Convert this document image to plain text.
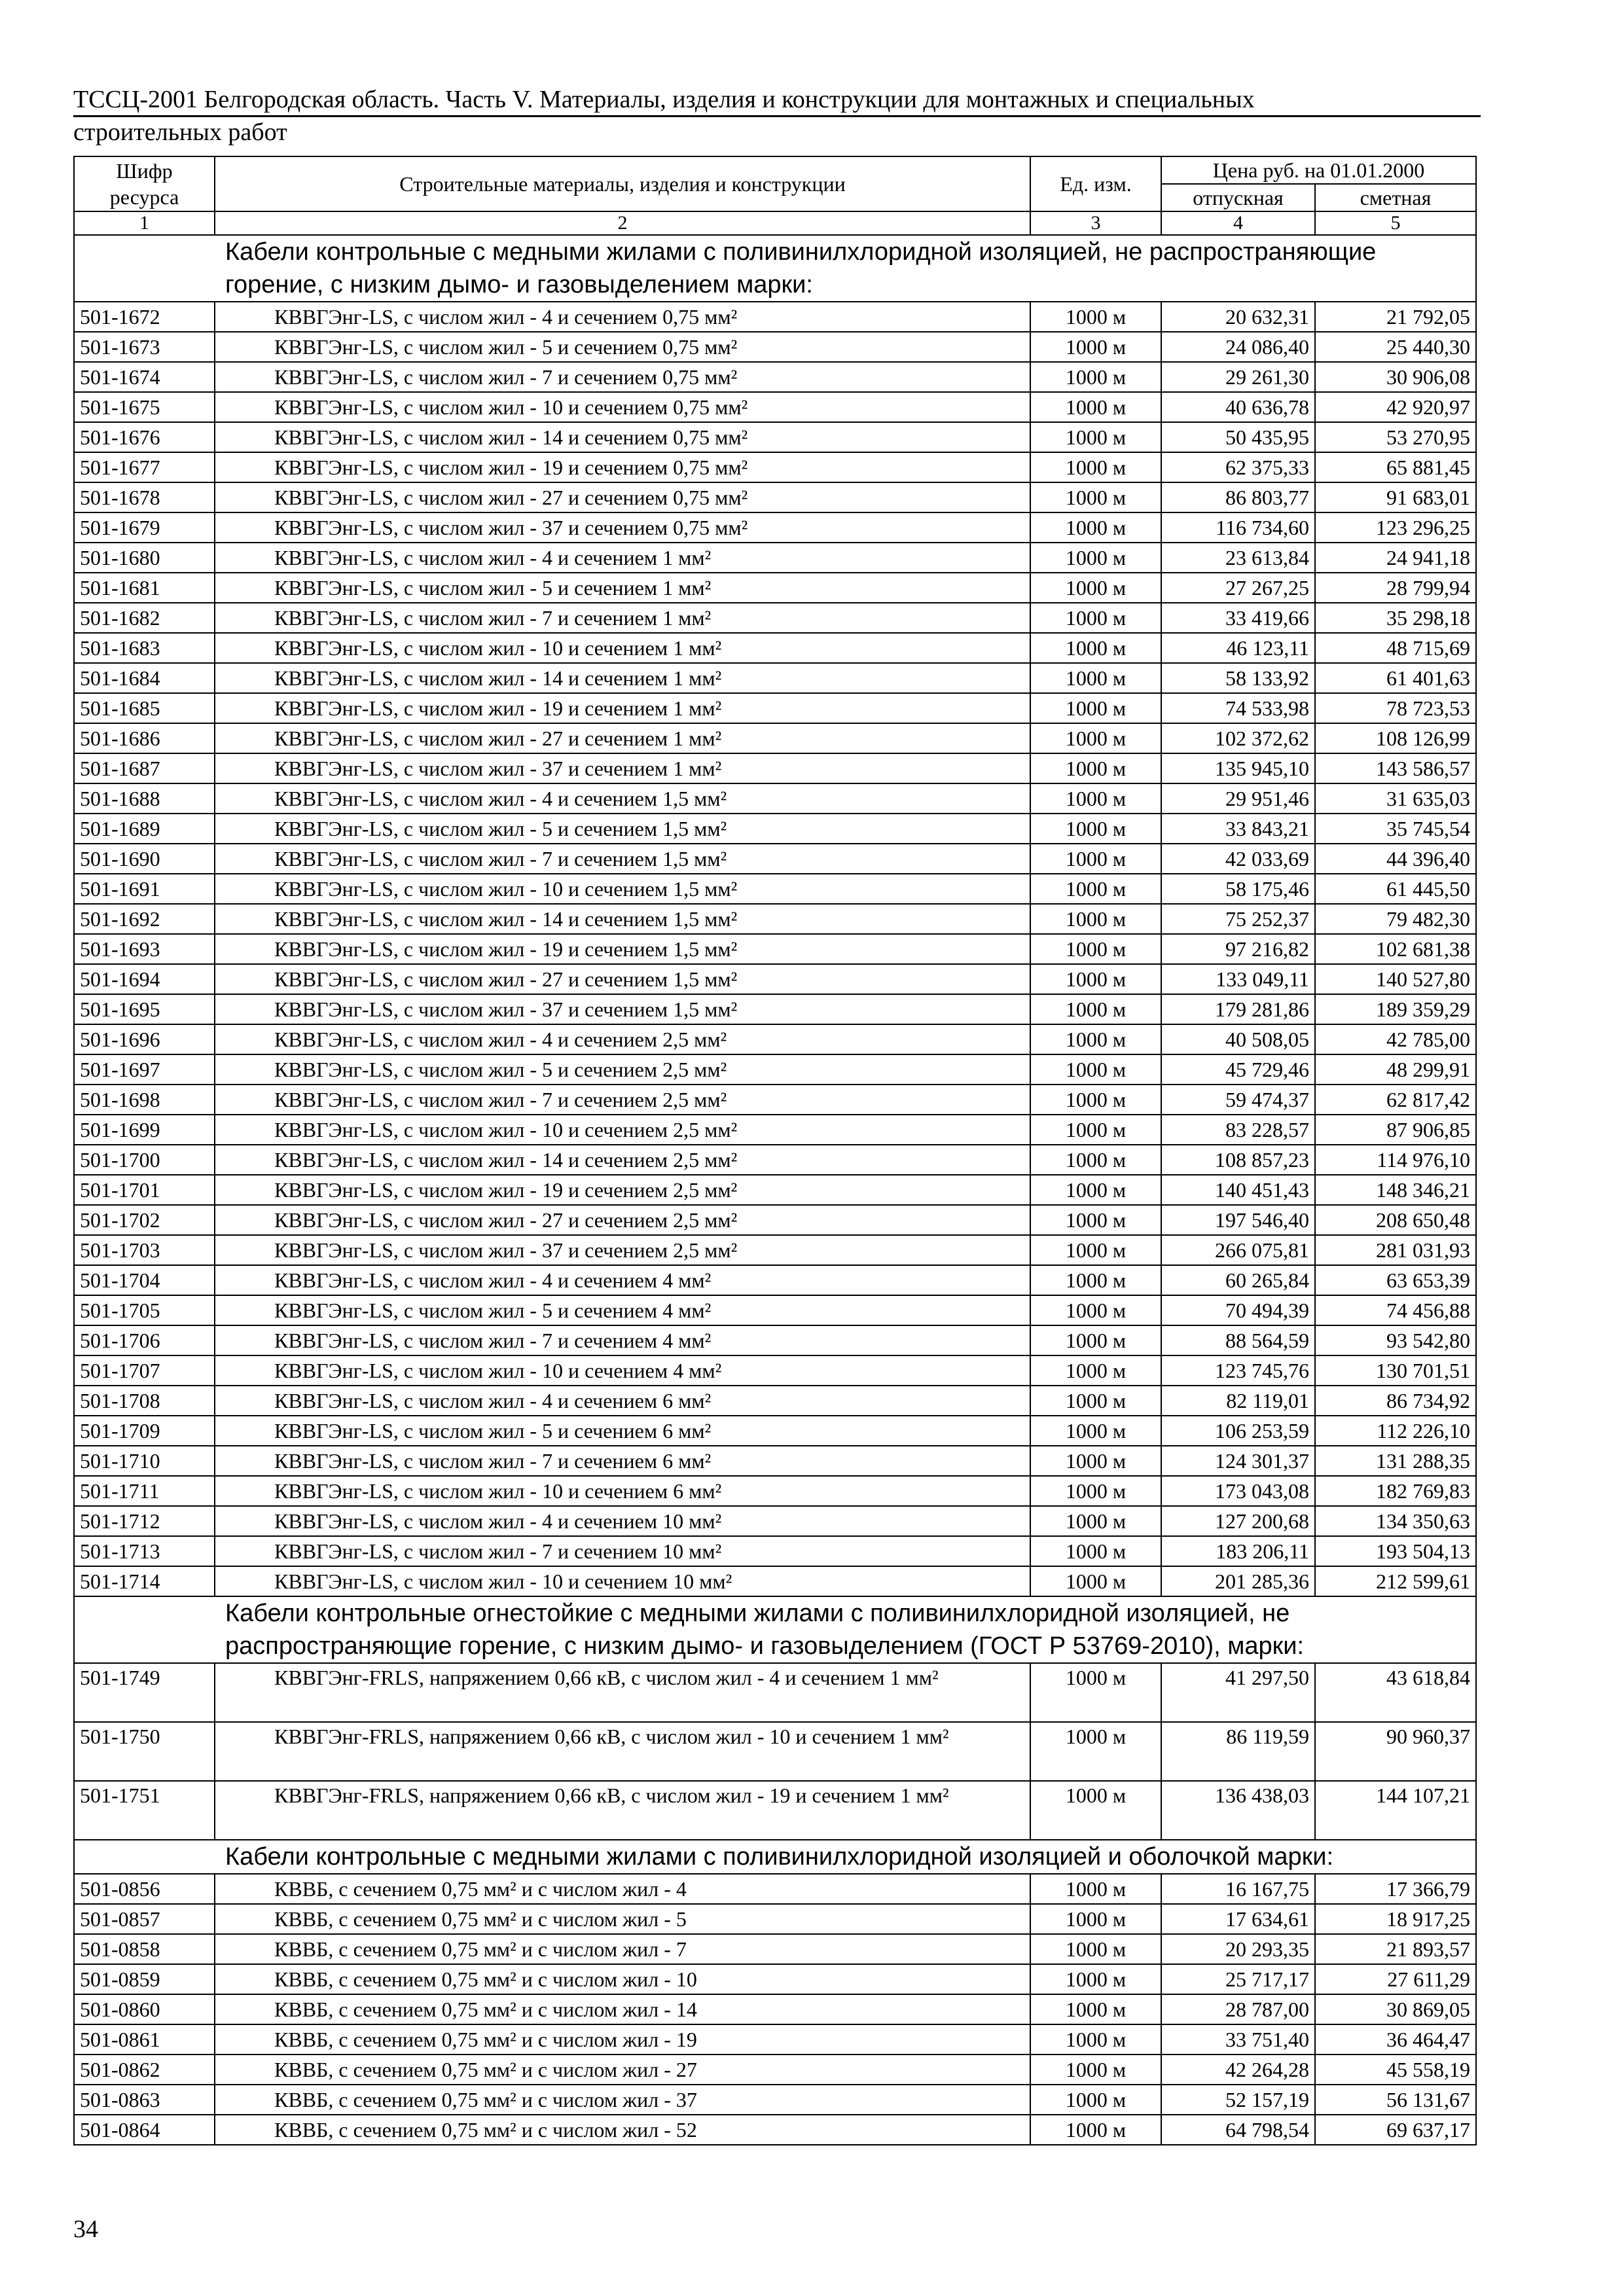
ТССЦ-2001 Белгородская область. Часть V. Материалы, изделия и конструкции для монтажных и специальных
строительных работ
Шифр ресурса	Строительные материалы, изделия и конструкции	Ед. изм.	Цена руб. на 01.01.2000	
			отпускная	сметная
1	2	3	4	5
Кабели контрольные с медными жилами с поливинилхлоридной изоляцией, не распространяющие горение, с низким дымо- и газовыделением марки:				
501-1672	КВВГЭнг-LS, с числом жил - 4 и сечением 0,75 мм²	1000 м	20 632,31	21 792,05
501-1673	КВВГЭнг-LS, с числом жил - 5 и сечением 0,75 мм²	1000 м	24 086,40	25 440,30
501-1674	КВВГЭнг-LS, с числом жил - 7 и сечением 0,75 мм²	1000 м	29 261,30	30 906,08
501-1675	КВВГЭнг-LS, с числом жил - 10 и сечением 0,75 мм²	1000 м	40 636,78	42 920,97
501-1676	КВВГЭнг-LS, с числом жил - 14 и сечением 0,75 мм²	1000 м	50 435,95	53 270,95
501-1677	КВВГЭнг-LS, с числом жил - 19 и сечением 0,75 мм²	1000 м	62 375,33	65 881,45
501-1678	КВВГЭнг-LS, с числом жил - 27 и сечением 0,75 мм²	1000 м	86 803,77	91 683,01
501-1679	КВВГЭнг-LS, с числом жил - 37 и сечением 0,75 мм²	1000 м	116 734,60	123 296,25
501-1680	КВВГЭнг-LS, с числом жил - 4 и сечением 1 мм²	1000 м	23 613,84	24 941,18
501-1681	КВВГЭнг-LS, с числом жил - 5 и сечением 1 мм²	1000 м	27 267,25	28 799,94
501-1682	КВВГЭнг-LS, с числом жил - 7 и сечением 1 мм²	1000 м	33 419,66	35 298,18
501-1683	КВВГЭнг-LS, с числом жил - 10 и сечением 1 мм²	1000 м	46 123,11	48 715,69
501-1684	КВВГЭнг-LS, с числом жил - 14 и сечением 1 мм²	1000 м	58 133,92	61 401,63
501-1685	КВВГЭнг-LS, с числом жил - 19 и сечением 1 мм²	1000 м	74 533,98	78 723,53
501-1686	КВВГЭнг-LS, с числом жил - 27 и сечением 1 мм²	1000 м	102 372,62	108 126,99
501-1687	КВВГЭнг-LS, с числом жил - 37 и сечением 1 мм²	1000 м	135 945,10	143 586,57
501-1688	КВВГЭнг-LS, с числом жил - 4 и сечением 1,5 мм²	1000 м	29 951,46	31 635,03
501-1689	КВВГЭнг-LS, с числом жил - 5 и сечением 1,5 мм²	1000 м	33 843,21	35 745,54
501-1690	КВВГЭнг-LS, с числом жил - 7 и сечением 1,5 мм²	1000 м	42 033,69	44 396,40
501-1691	КВВГЭнг-LS, с числом жил - 10 и сечением 1,5 мм²	1000 м	58 175,46	61 445,50
501-1692	КВВГЭнг-LS, с числом жил - 14 и сечением 1,5 мм²	1000 м	75 252,37	79 482,30
501-1693	КВВГЭнг-LS, с числом жил - 19 и сечением 1,5 мм²	1000 м	97 216,82	102 681,38
501-1694	КВВГЭнг-LS, с числом жил - 27 и сечением 1,5 мм²	1000 м	133 049,11	140 527,80
501-1695	КВВГЭнг-LS, с числом жил - 37 и сечением 1,5 мм²	1000 м	179 281,86	189 359,29
501-1696	КВВГЭнг-LS, с числом жил - 4 и сечением 2,5 мм²	1000 м	40 508,05	42 785,00
501-1697	КВВГЭнг-LS, с числом жил - 5 и сечением 2,5 мм²	1000 м	45 729,46	48 299,91
501-1698	КВВГЭнг-LS, с числом жил - 7 и сечением 2,5 мм²	1000 м	59 474,37	62 817,42
501-1699	КВВГЭнг-LS, с числом жил - 10 и сечением 2,5 мм²	1000 м	83 228,57	87 906,85
501-1700	КВВГЭнг-LS, с числом жил - 14 и сечением 2,5 мм²	1000 м	108 857,23	114 976,10
501-1701	КВВГЭнг-LS, с числом жил - 19 и сечением 2,5 мм²	1000 м	140 451,43	148 346,21
501-1702	КВВГЭнг-LS, с числом жил - 27 и сечением 2,5 мм²	1000 м	197 546,40	208 650,48
501-1703	КВВГЭнг-LS, с числом жил - 37 и сечением 2,5 мм²	1000 м	266 075,81	281 031,93
501-1704	КВВГЭнг-LS, с числом жил - 4 и сечением 4 мм²	1000 м	60 265,84	63 653,39
501-1705	КВВГЭнг-LS, с числом жил - 5 и сечением 4 мм²	1000 м	70 494,39	74 456,88
501-1706	КВВГЭнг-LS, с числом жил - 7 и сечением 4 мм²	1000 м	88 564,59	93 542,80
501-1707	КВВГЭнг-LS, с числом жил - 10 и сечением 4 мм²	1000 м	123 745,76	130 701,51
501-1708	КВВГЭнг-LS, с числом жил - 4 и сечением 6 мм²	1000 м	82 119,01	86 734,92
501-1709	КВВГЭнг-LS, с числом жил - 5 и сечением 6 мм²	1000 м	106 253,59	112 226,10
501-1710	КВВГЭнг-LS, с числом жил - 7 и сечением 6 мм²	1000 м	124 301,37	131 288,35
501-1711	КВВГЭнг-LS, с числом жил - 10 и сечением 6 мм²	1000 м	173 043,08	182 769,83
501-1712	КВВГЭнг-LS, с числом жил - 4 и сечением 10 мм²	1000 м	127 200,68	134 350,63
501-1713	КВВГЭнг-LS, с числом жил - 7 и сечением 10 мм²	1000 м	183 206,11	193 504,13
501-1714	КВВГЭнг-LS, с числом жил - 10 и сечением 10 мм²	1000 м	201 285,36	212 599,61
Кабели контрольные огнестойкие с медными жилами с поливинилхлоридной изоляцией, не распространяющие горение, с низким дымо- и газовыделением (ГОСТ Р 53769-2010), марки:				
501-1749	КВВГЭнг-FRLS, напряжением 0,66 кВ, с числом жил - 4 и сечением 1 мм²	1000 м	41 297,50	43 618,84
501-1750	КВВГЭнг-FRLS, напряжением 0,66 кВ, с числом жил - 10 и сечением 1 мм²	1000 м	86 119,59	90 960,37
501-1751	КВВГЭнг-FRLS, напряжением 0,66 кВ, с числом жил - 19 и сечением 1 мм²	1000 м	136 438,03	144 107,21
Кабели контрольные с медными жилами с поливинилхлоридной изоляцией и оболочкой марки:				
501-0856	КВВБ, с сечением 0,75 мм² и с числом жил - 4	1000 м	16 167,75	17 366,79
501-0857	КВВБ, с сечением 0,75 мм² и с числом жил - 5	1000 м	17 634,61	18 917,25
501-0858	КВВБ, с сечением 0,75 мм² и с числом жил - 7	1000 м	20 293,35	21 893,57
501-0859	КВВБ, с сечением 0,75 мм² и с числом жил - 10	1000 м	25 717,17	27 611,29
501-0860	КВВБ, с сечением 0,75 мм² и с числом жил - 14	1000 м	28 787,00	30 869,05
501-0861	КВВБ, с сечением 0,75 мм² и с числом жил - 19	1000 м	33 751,40	36 464,47
501-0862	КВВБ, с сечением 0,75 мм² и с числом жил - 27	1000 м	42 264,28	45 558,19
501-0863	КВВБ, с сечением 0,75 мм² и с числом жил - 37	1000 м	52 157,19	56 131,67
501-0864	КВВБ, с сечением 0,75 мм² и с числом жил - 52	1000 м	64 798,54	69 637,17
34
